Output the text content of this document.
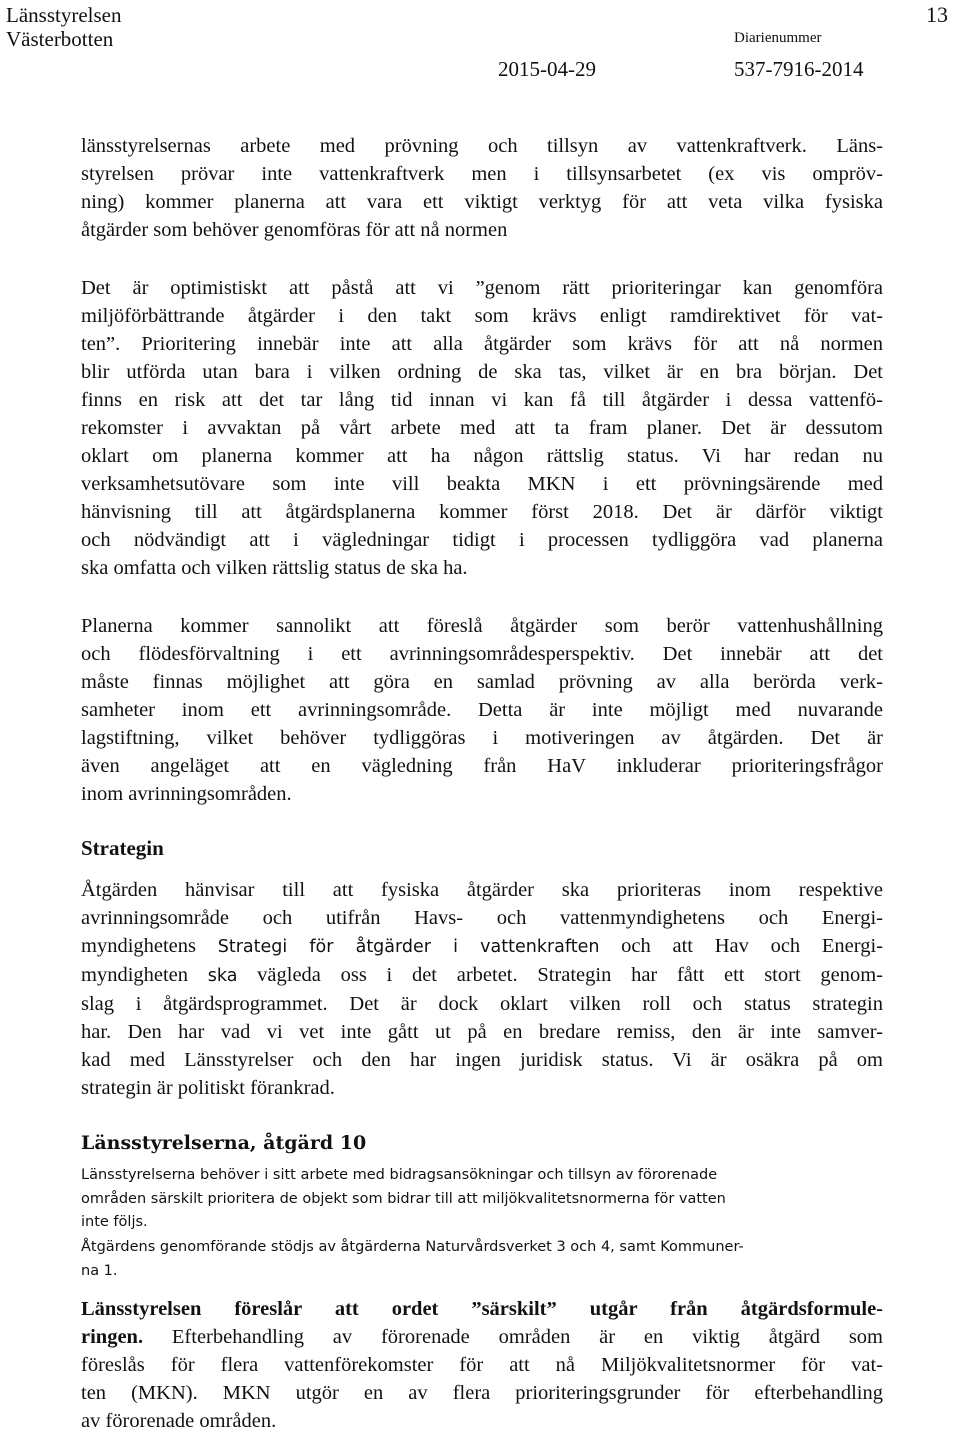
Länsstyrelsen
Västerbotten
13
Diarienummer
2015-04-29	537-7916-2014
länsstyrelsernas arbete med prövning och tillsyn av vattenkraftverk. Läns-
styrelsen prövar inte vattenkraftverk men i tillsynsarbetet (ex vis ompröv-
ning) kommer planerna att vara ett viktigt verktyg för att veta vilka fysiska
åtgärder som behöver genomföras för att nå normen
Det är optimistiskt att påstå att vi ”genom rätt prioriteringar kan genomföra
miljöförbättrande åtgärder i den takt som krävs enligt ramdirektivet för vat-
ten”. Prioritering innebär inte att alla åtgärder som krävs för att nå normen
blir utförda utan bara i vilken ordning de ska tas, vilket är en bra början. Det
finns en risk att det tar lång tid innan vi kan få till åtgärder i dessa vattenfö-
rekomster i avvaktan på vårt arbete med att ta fram planer. Det är dessutom
oklart om planerna kommer att ha någon rättslig status. Vi har redan nu
verksamhetsutövare som inte vill beakta MKN i ett prövningsärende med
hänvisning till att åtgärdsplanerna kommer först 2018. Det är därför viktigt
och nödvändigt att i vägledningar tidigt i processen tydliggöra vad planerna
ska omfatta och vilken rättslig status de ska ha.
Planerna kommer sannolikt att föreslå åtgärder som berör vattenhushållning
och flödesförvaltning i ett avrinningsområdesperspektiv. Det innebär att det
måste finnas möjlighet att göra en samlad prövning av alla berörda verk-
samheter inom ett avrinningsområde. Detta är inte möjligt med nuvarande
lagstiftning, vilket behöver tydliggöras i motiveringen av åtgärden. Det är
även angeläget att en vägledning från HaV inkluderar prioriteringsfrågor
inom avrinningsområden.
Strategin
Åtgärden hänvisar till att fysiska åtgärder ska prioriteras inom respektive
avrinningsområde och utifrån Havs- och vattenmyndighetens och Energi-
myndighetens Strategi för åtgärder i vattenkraften och att Hav och Energi-
myndigheten ska vägleda oss i det arbetet. Strategin har fått ett stort genom-
slag i åtgärdsprogrammet. Det är dock oklart vilken roll och status strategin
har. Den har vad vi vet inte gått ut på en bredare remiss, den är inte samver-
kad med Länsstyrelser och den har ingen juridisk status. Vi är osäkra på om
strategin är politiskt förankrad.
Länsstyrelserna, åtgärd 10
Länsstyrelserna behöver i sitt arbete med bidragsansökningar och tillsyn av förorenade
områden särskilt prioritera de objekt som bidrar till att miljökvalitetsnormerna för vatten
inte följs.
Åtgärdens genomförande stödjs av åtgärderna Naturvårdsverket 3 och 4, samt Kommuner-
na 1.
Länsstyrelsen föreslår att ordet ”särskilt” utgår från åtgärdsformule-
ringen. Efterbehandling av förorenade områden är en viktig åtgärd som
föreslås för flera vattenförekomster för att nå Miljökvalitetsnormer för vat-
ten (MKN). MKN utgör en av flera prioriteringsgrunder för efterbehandling
av förorenade områden.
